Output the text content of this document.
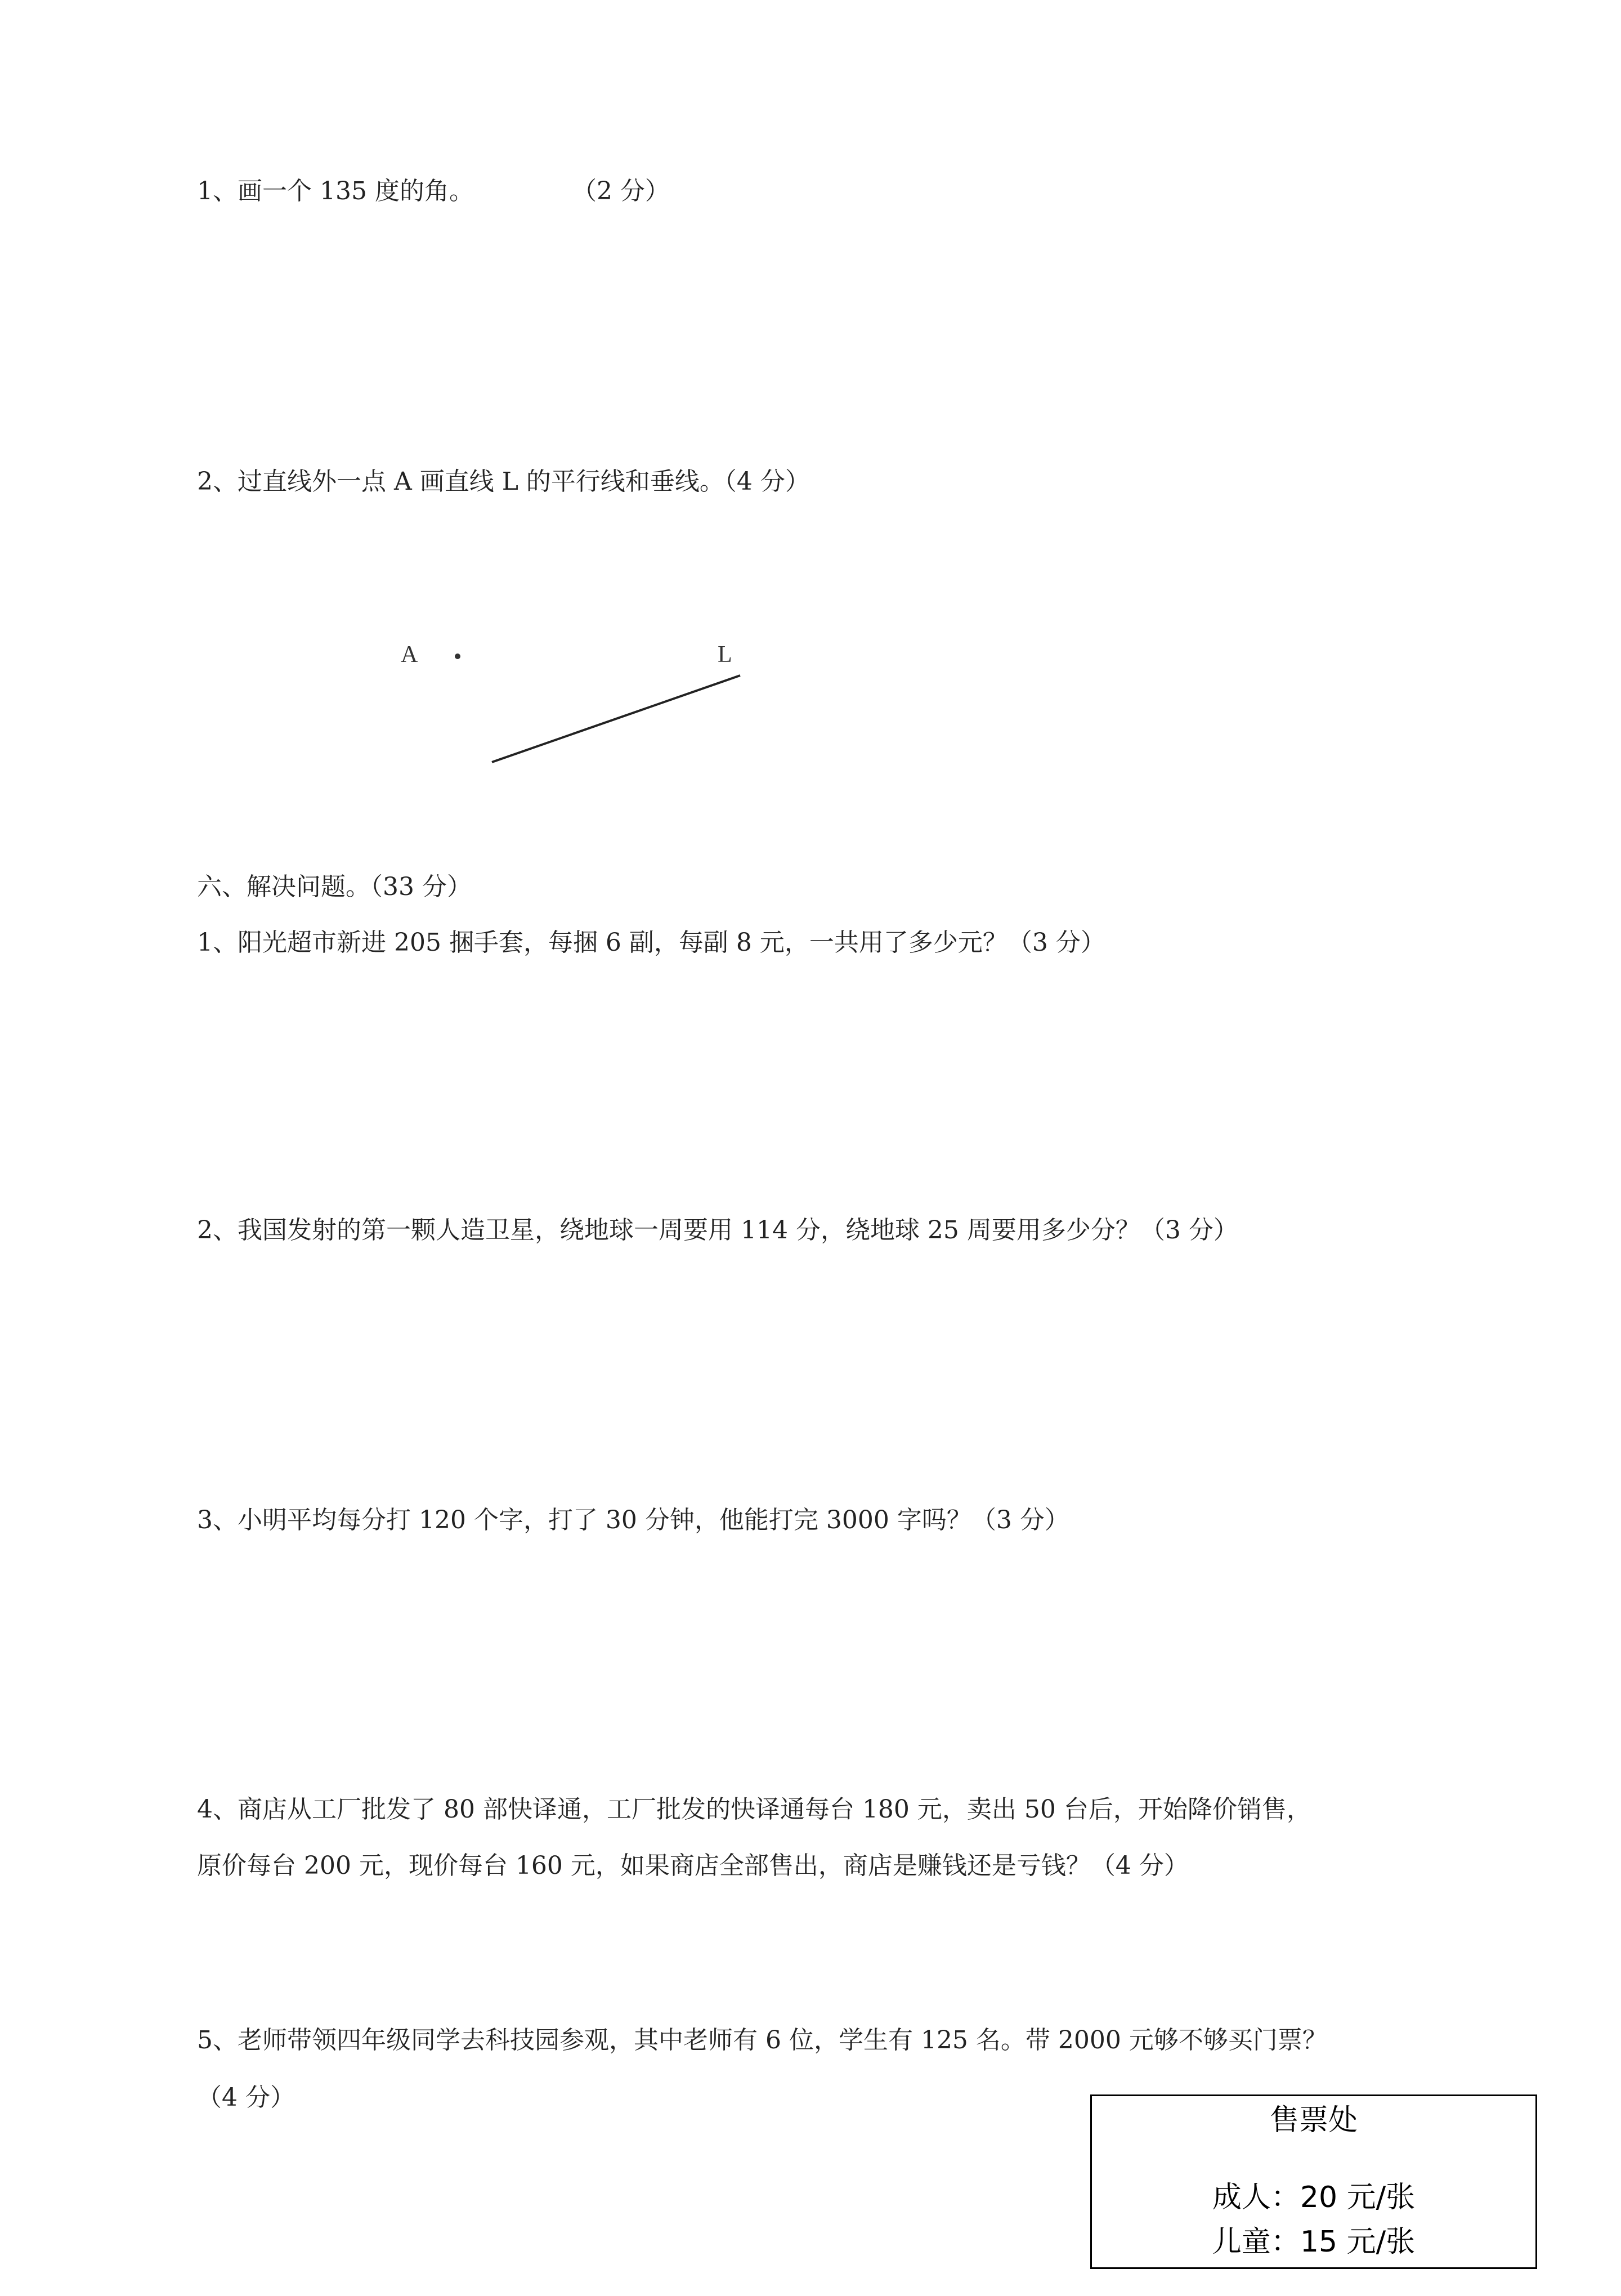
1、画一个 135 度的角。	（2 分）

2、过直线外一点 A 画直线 L 的平行线和垂线。（4 分）

A	L
六、解决问题。（33 分）

1、阳光超市新进 205 捆手套，每捆 6 副，每副 8 元，一共用了多少元？（3 分）

2、我国发射的第一颗人造卫星，绕地球一周要用 114 分，绕地球 25 周要用多少分？（3 分）

3、小明平均每分打 120 个字，打了 30 分钟，他能打完 3000 字吗？（3 分）

4、商店从工厂批发了 80 部快译通，工厂批发的快译通每台 180 元，卖出 50 台后，开始降价销售，

原价每台 200 元，现价每台 160 元，如果商店全部售出，商店是赚钱还是亏钱？（4 分）

5、老师带领四年级同学去科技园参观，其中老师有 6 位，学生有 125 名。带 2000 元够不够买门票？

（4 分）

售票处
成人：20 元/张
儿童：15 元/张
